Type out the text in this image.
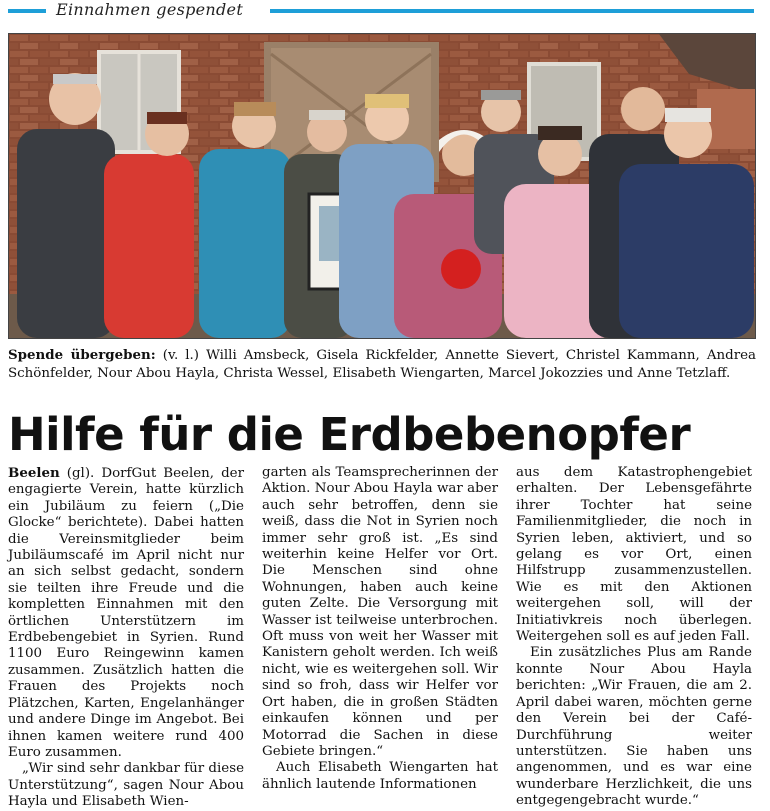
Einnahmen gespendet
Spende übergeben: (v. l.) Willi Amsbeck, Gisela Rickfelder, Annette Sievert, Christel Kammann, Andrea Schönfelder, Nour Abou Hayla, Christa Wessel, Elisabeth Wiengarten, Marcel Jokozzies und Anne Tetzlaff.
Hilfe für die Erdbebenopfer

Beelen (gl). DorfGut Beelen, der engagierte Verein, hatte kürzlich ein Jubiläum zu feiern („Die Glocke“ berichtete). Dabei hatten die Vereinsmitglieder beim Jubiläumscafé im April nicht nur an sich selbst gedacht, sondern sie teilten ihre Freude und die kompletten Einnahmen mit den örtlichen Unterstützern im Erdbebengebiet in Syrien. Rund 1100 Euro Reingewinn kamen zusammen. Zusätzlich hatten die Frauen des Projekts noch Plätzchen, Karten, Engelanhänger und andere Dinge im Angebot. Bei ihnen kamen weitere rund 400 Euro zusammen.

„Wir sind sehr dankbar für diese Unterstützung“, sagen Nour Abou Hayla und Elisabeth Wien-

garten als Teamsprecherinnen der Aktion. Nour Abou Hayla war aber auch sehr betroffen, denn sie weiß, dass die Not in Syrien noch immer sehr groß ist. „Es sind weiterhin keine Helfer vor Ort. Die Menschen sind ohne Wohnungen, haben auch keine guten Zelte. Die Versorgung mit Wasser ist teilweise unterbrochen. Oft muss von weit her Wasser mit Kanistern geholt werden. Ich weiß nicht, wie es weitergehen soll. Wir sind so froh, dass wir Helfer vor Ort haben, die in großen Städten einkaufen können und per Motorrad die Sachen in diese Gebiete bringen.“

Auch Elisabeth Wiengarten hat ähnlich lautende Informationen

aus dem Katastrophengebiet erhalten. Der Lebensgefährte ihrer Tochter hat seine Familienmitglieder, die noch in Syrien leben, aktiviert, und so gelang es vor Ort, einen Hilfstrupp zusammenzustellen. Wie es mit den Aktionen weitergehen soll, will der Initiativkreis noch überlegen. Weitergehen soll es auf jeden Fall.

Ein zusätzliches Plus am Rande konnte Nour Abou Hayla berichten: „Wir Frauen, die am 2. April dabei waren, möchten gerne den Verein bei der Café-Durchführung weiter unterstützen. Sie haben uns angenommen, und es war eine wunderbare Herzlichkeit, die uns entgegengebracht wurde.“
